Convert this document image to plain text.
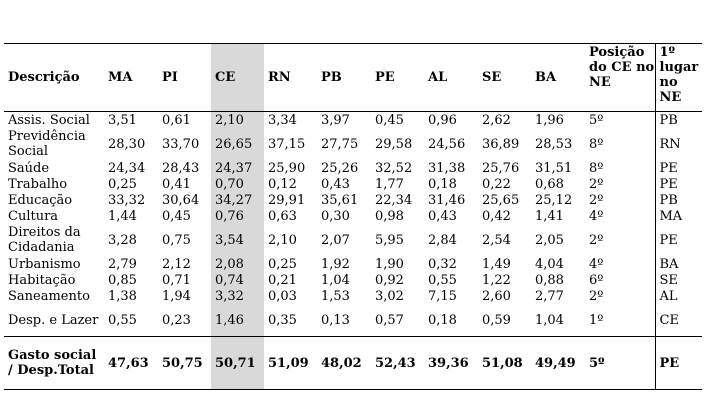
Descrição	MA	PI	CE	RN	PB	PE	AL	SE	BA	Posição do CE no NE	1º lugar no NE
Assis. Social	3,51	0,61	2,10	3,34	3,97	0,45	0,96	2,62	1,96	5º	PB
Previdência Social	28,30	33,70	26,65	37,15	27,75	29,58	24,56	36,89	28,53	8º	RN
Saúde	24,34	28,43	24,37	25,90	25,26	32,52	31,38	25,76	31,51	8º	PE
Trabalho	0,25	0,41	0,70	0,12	0,43	1,77	0,18	0,22	0,68	2º	PE
Educação	33,32	30,64	34,27	29,91	35,61	22,34	31,46	25,65	25,12	2º	PB
Cultura	1,44	0,45	0,76	0,63	0,30	0,98	0,43	0,42	1,41	4º	MA
Direitos da Cidadania	3,28	0,75	3,54	2,10	2,07	5,95	2,84	2,54	2,05	2º	PE
Urbanismo	2,79	2,12	2,08	0,25	1,92	1,90	0,32	1,49	4,04	4º	BA
Habitação	0,85	0,71	0,74	0,21	1,04	0,92	0,55	1,22	0,88	6º	SE
Saneamento	1,38	1,94	3,32	0,03	1,53	3,02	7,15	2,60	2,77	2º	AL
Desp. e Lazer	0,55	0,23	1,46	0,35	0,13	0,57	0,18	0,59	1,04	1º	CE
Gasto social / Desp.Total	47,63	50,75	50,71	51,09	48,02	52,43	39,36	51,08	49,49	5º	PE
